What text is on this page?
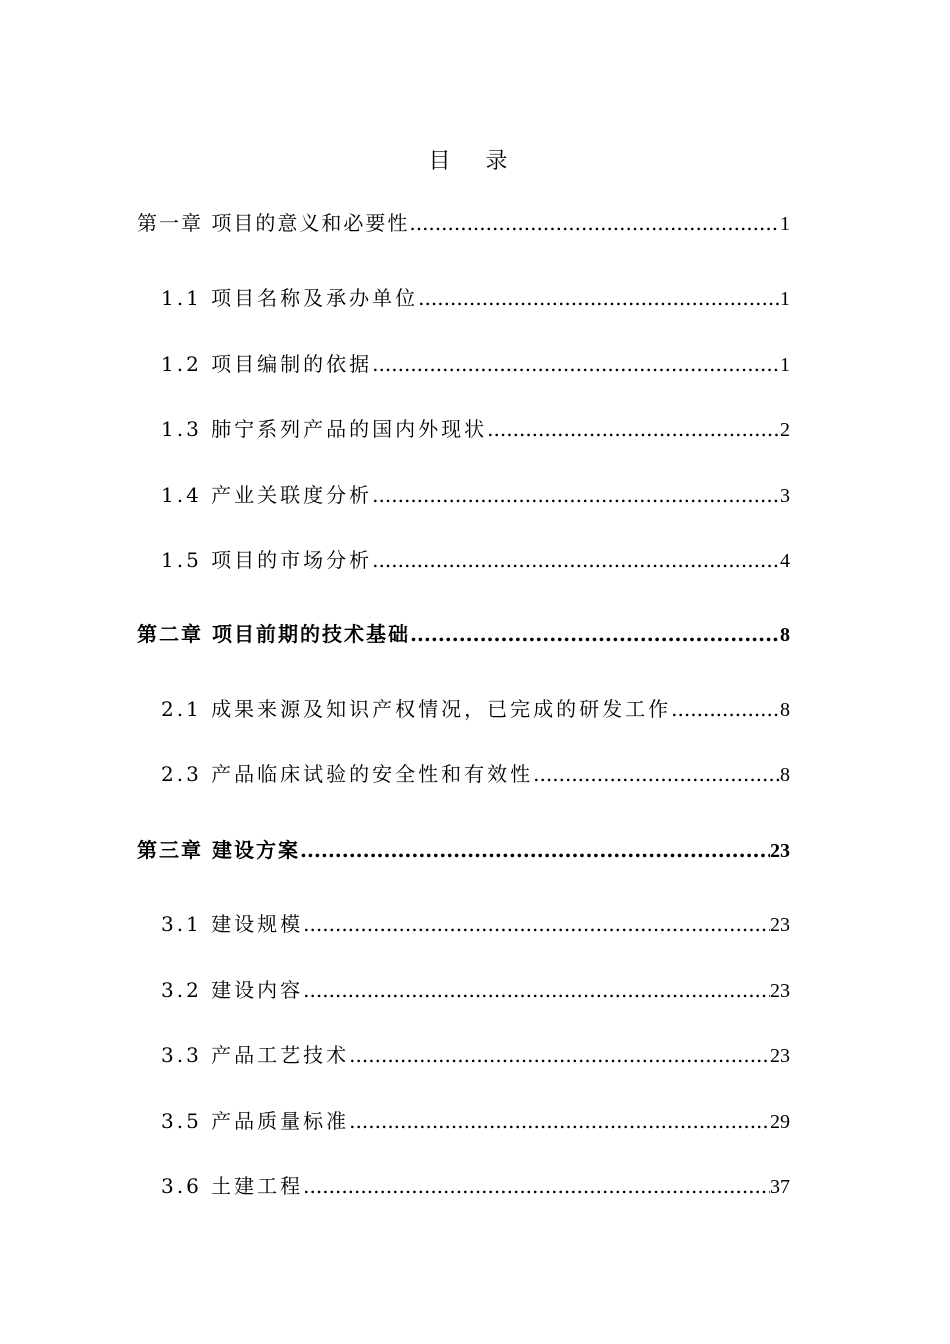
目 录
第一章 项目的意义和必要性 .....	1
1.1 项目名称及承办单位 .....	1
1.2 项目编制的依据 .....	1
1.3 肺宁系列产品的国内外现状 .....	2
1.4 产业关联度分析 .....	3
1.5 项目的市场分析 .....	4
第二章 项目前期的技术基础 .....	8
2.1 成果来源及知识产权情况，已完成的研发工作 .....	8
2.3 产品临床试验的安全性和有效性 .....	8
第三章 建设方案 .....	23
3.1 建设规模 .....	23
3.2 建设内容 .....	23
3.3 产品工艺技术 .....	23
3.5 产品质量标准 .....	29
3.6 土建工程 .....	37
